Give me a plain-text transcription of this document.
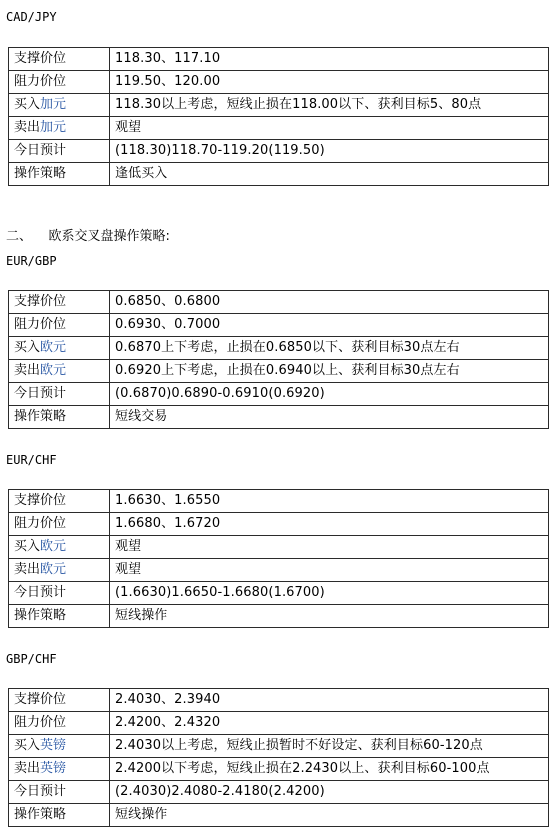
CAD/JPY
支撑价位	118.30、117.10
阻力价位	119.50、120.00
买入加元	118.30以上考虑，短线止损在118.00以下、获利目标5、80点
卖出加元	观望
今日预计	(118.30)118.70-119.20(119.50)
操作策略	逢低买入
二、    欧系交叉盘操作策略:
EUR/GBP
支撑价位	0.6850、0.6800
阻力价位	0.6930、0.7000
买入欧元	0.6870上下考虑，止损在0.6850以下、获利目标30点左右
卖出欧元	0.6920上下考虑，止损在0.6940以上、获利目标30点左右
今日预计	(0.6870)0.6890-0.6910(0.6920)
操作策略	短线交易
EUR/CHF
支撑价位	1.6630、1.6550
阻力价位	1.6680、1.6720
买入欧元	观望
卖出欧元	观望
今日预计	(1.6630)1.6650-1.6680(1.6700)
操作策略	短线操作
GBP/CHF
支撑价位	2.4030、2.3940
阻力价位	2.4200、2.4320
买入英镑	2.4030以上考虑，短线止损暂时不好设定、获利目标60-120点
卖出英镑	2.4200以下考虑，短线止损在2.2430以上、获利目标60-100点
今日预计	(2.4030)2.4080-2.4180(2.4200)
操作策略	短线操作
